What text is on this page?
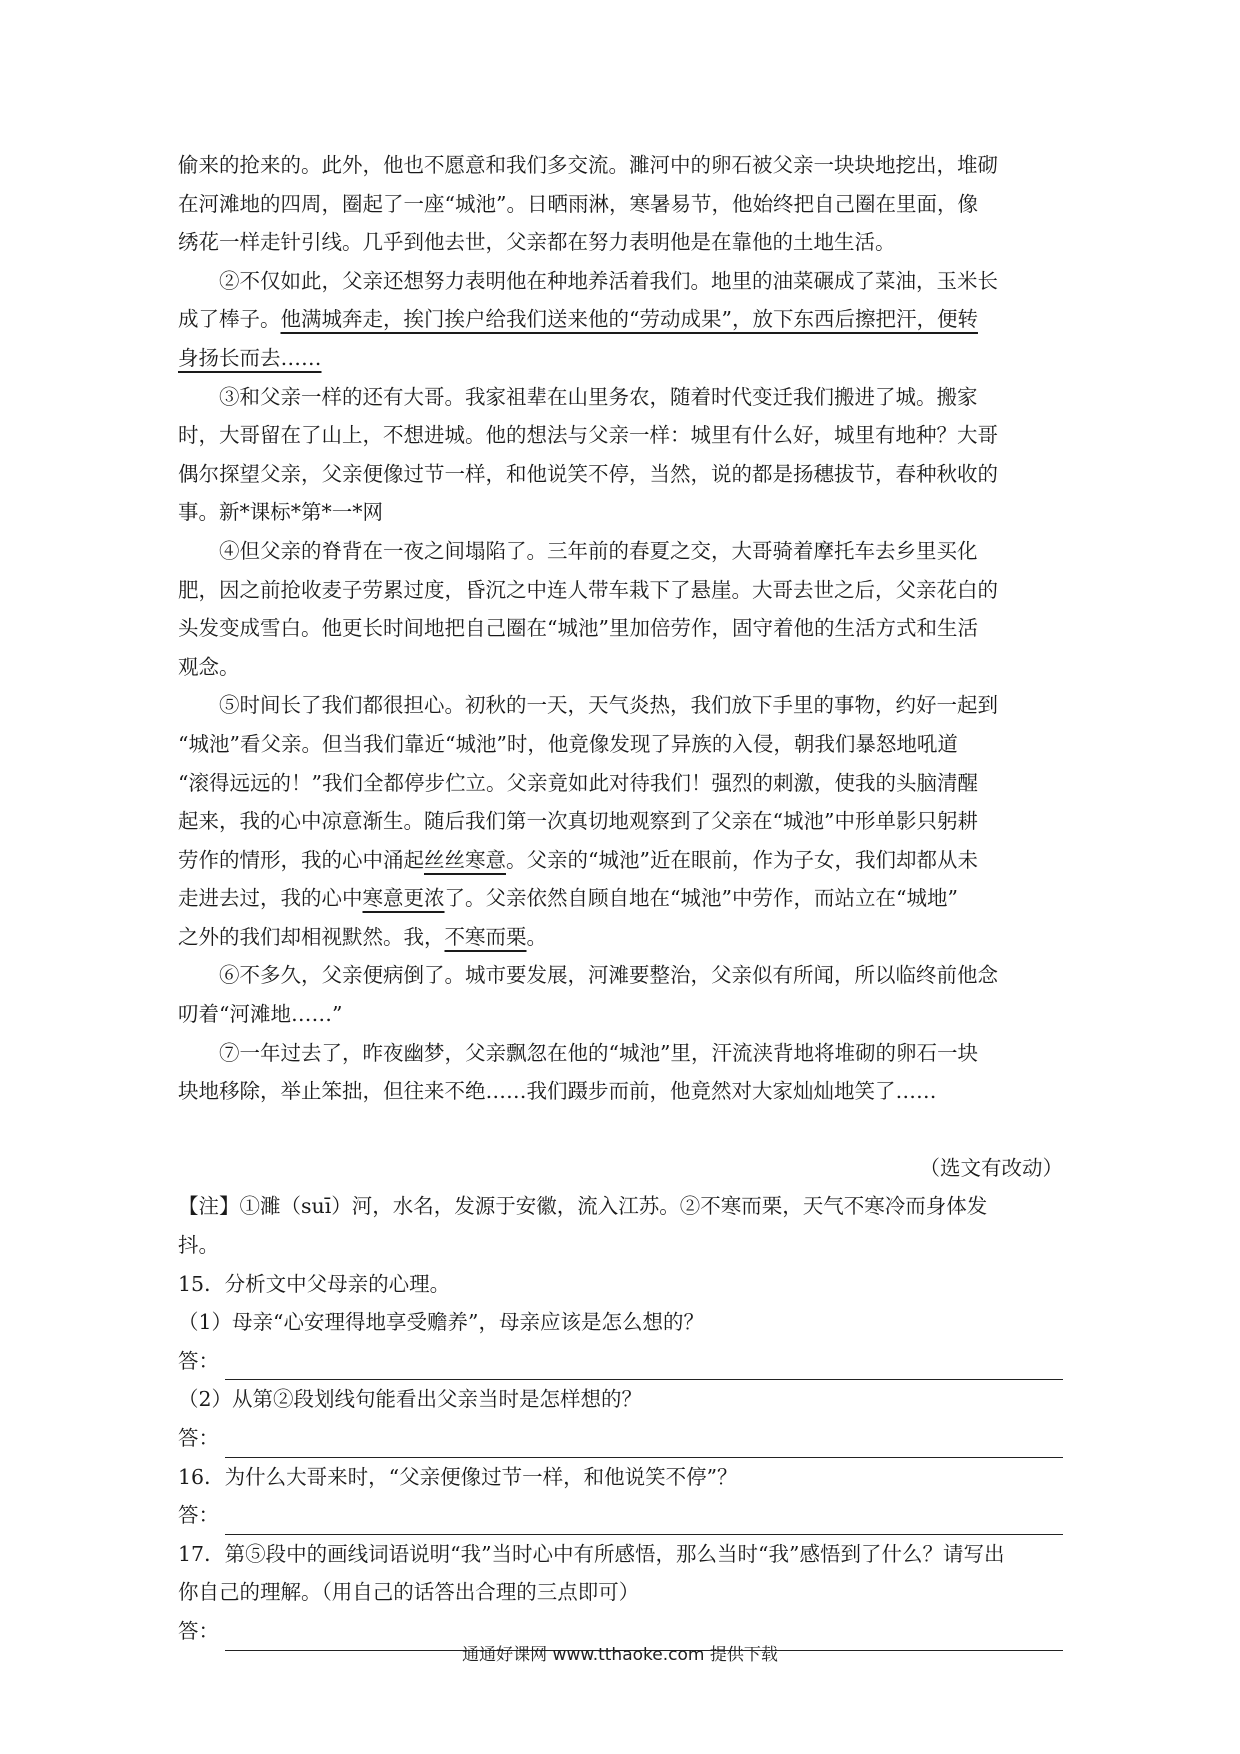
偷来的抢来的。此外，他也不愿意和我们多交流。濉河中的卵石被父亲一块块地挖出，堆砌
在河滩地的四周，圈起了一座“城池”。日晒雨淋，寒暑易节，他始终把自己圈在里面，像
绣花一样走针引线。几乎到他去世，父亲都在努力表明他是在靠他的土地生活。
②不仅如此，父亲还想努力表明他在种地养活着我们。地里的油菜碾成了菜油，玉米长
成了棒子。他满城奔走，挨门挨户给我们送来他的“劳动成果”，放下东西后擦把汗，便转
身扬长而去……
③和父亲一样的还有大哥。我家祖辈在山里务农，随着时代变迁我们搬进了城。搬家
时，大哥留在了山上，不想进城。他的想法与父亲一样：城里有什么好，城里有地种？大哥
偶尔探望父亲，父亲便像过节一样，和他说笑不停，当然，说的都是扬穗拔节，春种秋收的
事。新*课标*第*一*网
④但父亲的脊背在一夜之间塌陷了。三年前的春夏之交，大哥骑着摩托车去乡里买化
肥，因之前抢收麦子劳累过度，昏沉之中连人带车栽下了悬崖。大哥去世之后，父亲花白的
头发变成雪白。他更长时间地把自己圈在“城池”里加倍劳作，固守着他的生活方式和生活
观念。
⑤时间长了我们都很担心。初秋的一天，天气炎热，我们放下手里的事物，约好一起到
“城池”看父亲。但当我们靠近“城池”时，他竟像发现了异族的入侵，朝我们暴怒地吼道
“滚得远远的！”我们全都停步伫立。父亲竟如此对待我们！强烈的刺激，使我的头脑清醒
起来，我的心中凉意渐生。随后我们第一次真切地观察到了父亲在“城池”中形单影只躬耕
劳作的情形，我的心中涌起丝丝寒意。父亲的“城池”近在眼前，作为子女，我们却都从未
走进去过，我的心中寒意更浓了。父亲依然自顾自地在“城池”中劳作，而站立在“城地”
之外的我们却相视默然。我，不寒而栗。
⑥不多久，父亲便病倒了。城市要发展，河滩要整治，父亲似有所闻，所以临终前他念
叨着“河滩地……”
⑦一年过去了，昨夜幽梦，父亲飘忽在他的“城池”里，汗流浃背地将堆砌的卵石一块
块地移除，举止笨拙，但往来不绝……我们蹑步而前，他竟然对大家灿灿地笑了……
（选文有改动）
【注】①濉（suī）河，水名，发源于安徽，流入江苏。②不寒而栗，天气不寒冷而身体发
抖。
15．分析文中父母亲的心理。
（1）母亲“心安理得地享受赡养”，母亲应该是怎么想的？
答：
（2）从第②段划线句能看出父亲当时是怎样想的？
答：
16．为什么大哥来时，“父亲便像过节一样，和他说笑不停”？
答：
17．第⑤段中的画线词语说明“我”当时心中有所感悟，那么当时“我”感悟到了什么？请写出
你自己的理解。（用自己的话答出合理的三点即可）
答：
通通好课网 www.tthaoke.com 提供下载
